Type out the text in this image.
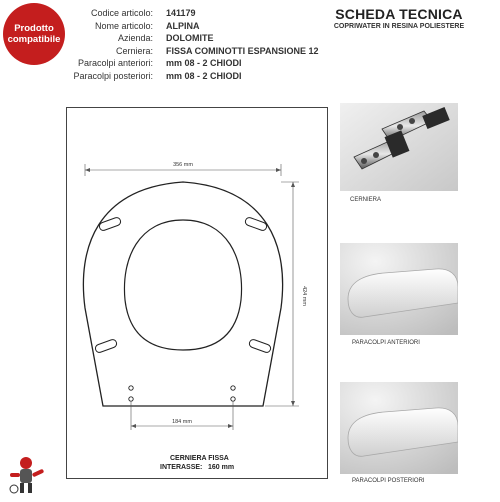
Prodotto
compatibile
Codice articolo: 141179
Nome articolo: ALPINA
Azienda: DOLOMITE
Cerniera: FISSA COMINOTTI ESPANSIONE 12
Paracolpi anteriori: mm 08 - 2 CHIODI
Paracolpi posteriori: mm 08 - 2 CHIODI
SCHEDA TECNICA
COPRIWATER IN RESINA POLIESTERE
356 mm
424 mm
184 mm
CERNIERA FISSA
INTERASSE: 160 mm
CERNIERA
PARACOLPI ANTERIORI
PARACOLPI POSTERIORI
